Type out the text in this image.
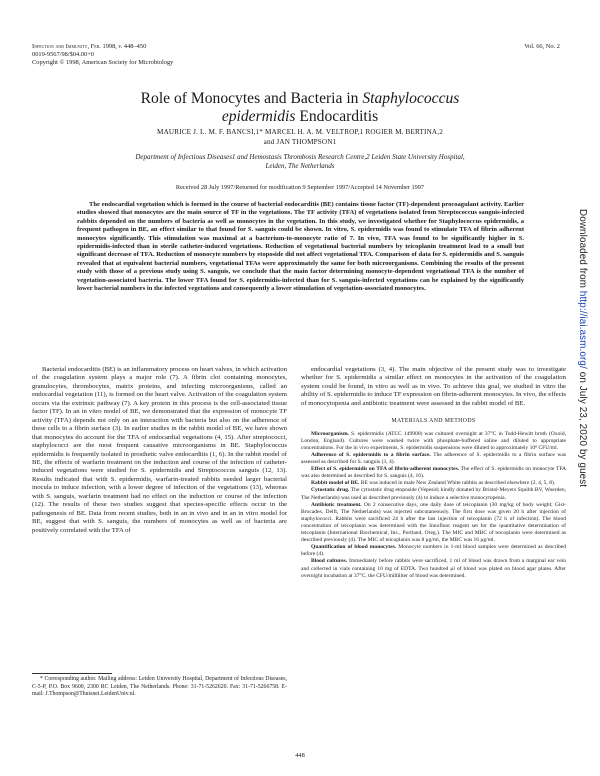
Infection and Immunity, Feb. 1998, p. 448–450
0019-9567/98/$04.00+0
Copyright © 1998, American Society for Microbiology
Vol. 66, No. 2
Role of Monocytes and Bacteria in Staphylococcus
epidermidis Endocarditis
MAURICE J. L. M. F. BANCSI,1* MARCEL H. A. M. VELTROP,1 ROGIER M. BERTINA,2
and JAN THOMPSON1
Department of Infectious Diseases1 and Hemostasis Thrombosis Research Centre,2 Leiden State University Hospital,
Leiden, The Netherlands
Received 28 July 1997/Returned for modification 9 September 1997/Accepted 14 November 1997

The endocardial vegetation which is formed in the course of bacterial endocarditis (BE) contains tissue factor (TF)-dependent procoagulant activity. Earlier studies showed that monocytes are the main source of TF in the vegetations. The TF activity (TFA) of vegetations isolated from Streptococcus sanguis-infected rabbits depended on the numbers of bacteria as well as monocytes in the vegetation. In this study, we investigated whether for Staphylococcus epidermidis, a frequent pathogen in BE, an effect similar to that found for S. sanguis could be shown. In vitro, S. epidermidis was found to stimulate TFA of fibrin adherent monocytes significantly. This stimulation was maximal at a bacterium-to-monocyte ratio of 7. In vivo, TFA was found to be significantly higher in S. epidermidis-infected than in sterile catheter-induced vegetations. Reduction of vegetational bacterial numbers by teicoplanin treatment lead to a small but significant decrease of TFA. Reduction of monocyte numbers by etoposide did not affect vegetational TFA. Comparison of data for S. epidermidis and S. sanguis revealed that at equivalent bacterial numbers, vegetational TFAs were approximately the same for both microorganisms. Combining the results of the present study with those of a previous study using S. sanguis, we conclude that the main factor determining monocyte-dependent vegetational TFA is the number of vegetation-associated bacteria. The lower TFA found for S. epidermidis-infected than for S. sanguis-infected vegetations can be explained by the significantly lower bacterial numbers in the infected vegetations and consequently a lower stimulation of vegetation-associated monocytes.

Bacterial endocarditis (BE) is an inflammatory process on heart valves, in which activation of the coagulation system plays a major role (7). A fibrin clot containing monocytes, granulocytes, thrombocytes, matrix proteins, and infecting microorganisms, called an endocardial vegetation (11), is formed on the heart valve. Activation of the coagulation system occurs via the extrinsic pathway (7). A key protein in this process is the cell-associated tissue factor (TF). In an in vitro model of BE, we demonstrated that the expression of monocyte TF activity (TFA) depends not only on an interaction with bacteria but also on the adherence of these cells to a fibrin surface (3). In earlier studies in the rabbit model of BE, we have shown that monocytes do account for the TFA of endocardial vegetations (4, 15). After streptococci, staphylococci are the most frequent causative microorganisms in BE. Staphylococcus epidermidis is frequently isolated in prosthetic valve endocarditis (1, 6). In the rabbit model of BE, the effects of warfarin treatment on the induction and course of the infection of catheter-induced vegetations were studied for S. epidermidis and Streptococcus sanguis (12, 13). Results indicated that with S. epidermidis, warfarin-treated rabbits needed larger bacterial inocula to induce infection, with a lower degree of infection of the vegetations (13), whereas with S. sanguis, warfarin treatment had no effect on the induction or course of the infection (12). The results of these two studies suggest that species-specific effects occur in the pathogenesis of BE. Data from recent studies, both in an in vivo and in an in vitro model for BE, suggest that with S. sanguis, the numbers of monocytes as well as of bacteria are positively correlated with the TFA of

endocardial vegetations (3, 4). The main objective of the present study was to investigate whether for S. epidermidis a similar effect on monocytes in the activation of the coagulation system could be found, in vitro as well as in vivo. To achieve this goal, we studied in vitro the ability of S. epidermidis to induce TF expression on fibrin-adherent monocytes. In vivo, the effects of monocytopenia and antibiotic treatment were assessed in the rabbit model of BE.

MATERIALS AND METHODS

Microorganism. S. epidermidis (ATCC 149900) was cultured overnight at 37°C in Todd-Hewitt broth (Oxoid, London, England). Cultures were washed twice with phosphate-buffered saline and diluted to appropriate concentrations. For the in vivo experiments, S. epidermidis suspensions were diluted to approximately 10⁸ CFU/ml.

Adherence of S. epidermidis to a fibrin surface. The adherence of S. epidermidis to a fibrin surface was assessed as described for S. sanguis (3, 4).

Effect of S. epidermidis on TFA of fibrin-adherent monocytes. The effect of S. epidermidis on monocyte TFA was also determined as described for S. sanguis (4, 16).

Rabbit model of BE. BE was induced in male New Zealand White rabbits as described elsewhere (2, 4, 5, 8).

Cytostatic drug. The cytostatic drug etoposide (Vepesid; kindly donated by Bristol-Meyers Squibb BV, Woerden, The Netherlands) was used as described previously (4) to induce a selective monocytopenia.

Antibiotic treatment. On 2 consecutive days, one daily dose of teicoplanin (30 mg/kg of body weight; Gist-Brocades, Delft, The Netherlands) was injected subcutaneously. The first dose was given 20 h after injection of staphylococci. Rabbits were sacrificed 24 h after the last injection of teicoplanin (72 h of infection). The blood concentration of teicoplanin was determined with the Innofluor reagent set for the quantitative determination of teicoplanin (International Biochemical, Inc., Portland, Oreg.). The MIC and MBC of teicoplanin were determined as described previously (4). The MIC of teicoplanin was 8 μg/ml, the MBC was 16 μg/ml.

Quantification of blood monocytes. Monocyte numbers in 1-ml blood samples were determined as described before (4).

Blood cultures. Immediately before rabbits were sacrificed, 1 ml of blood was drawn from a marginal ear vein and collected in vials containing 10 mg of EDTA. Two hundred μl of blood was plated on blood agar plates. After overnight incubation at 37°C, the CFU/milliliter of blood was determined.

* Corresponding author. Mailing address: Leiden University Hospital, Department of Infectious Diseases, C-5-P, P.O. Box 9600, 2300 RC Leiden, The Netherlands. Phone: 31-71-5262620. Fax: 31-71-5266758. E-mail: J.Thompson@Thuisnet.LeidenUniv.nl.

448
Downloaded from http://iai.asm.org/ on July 23, 2020 by guest
